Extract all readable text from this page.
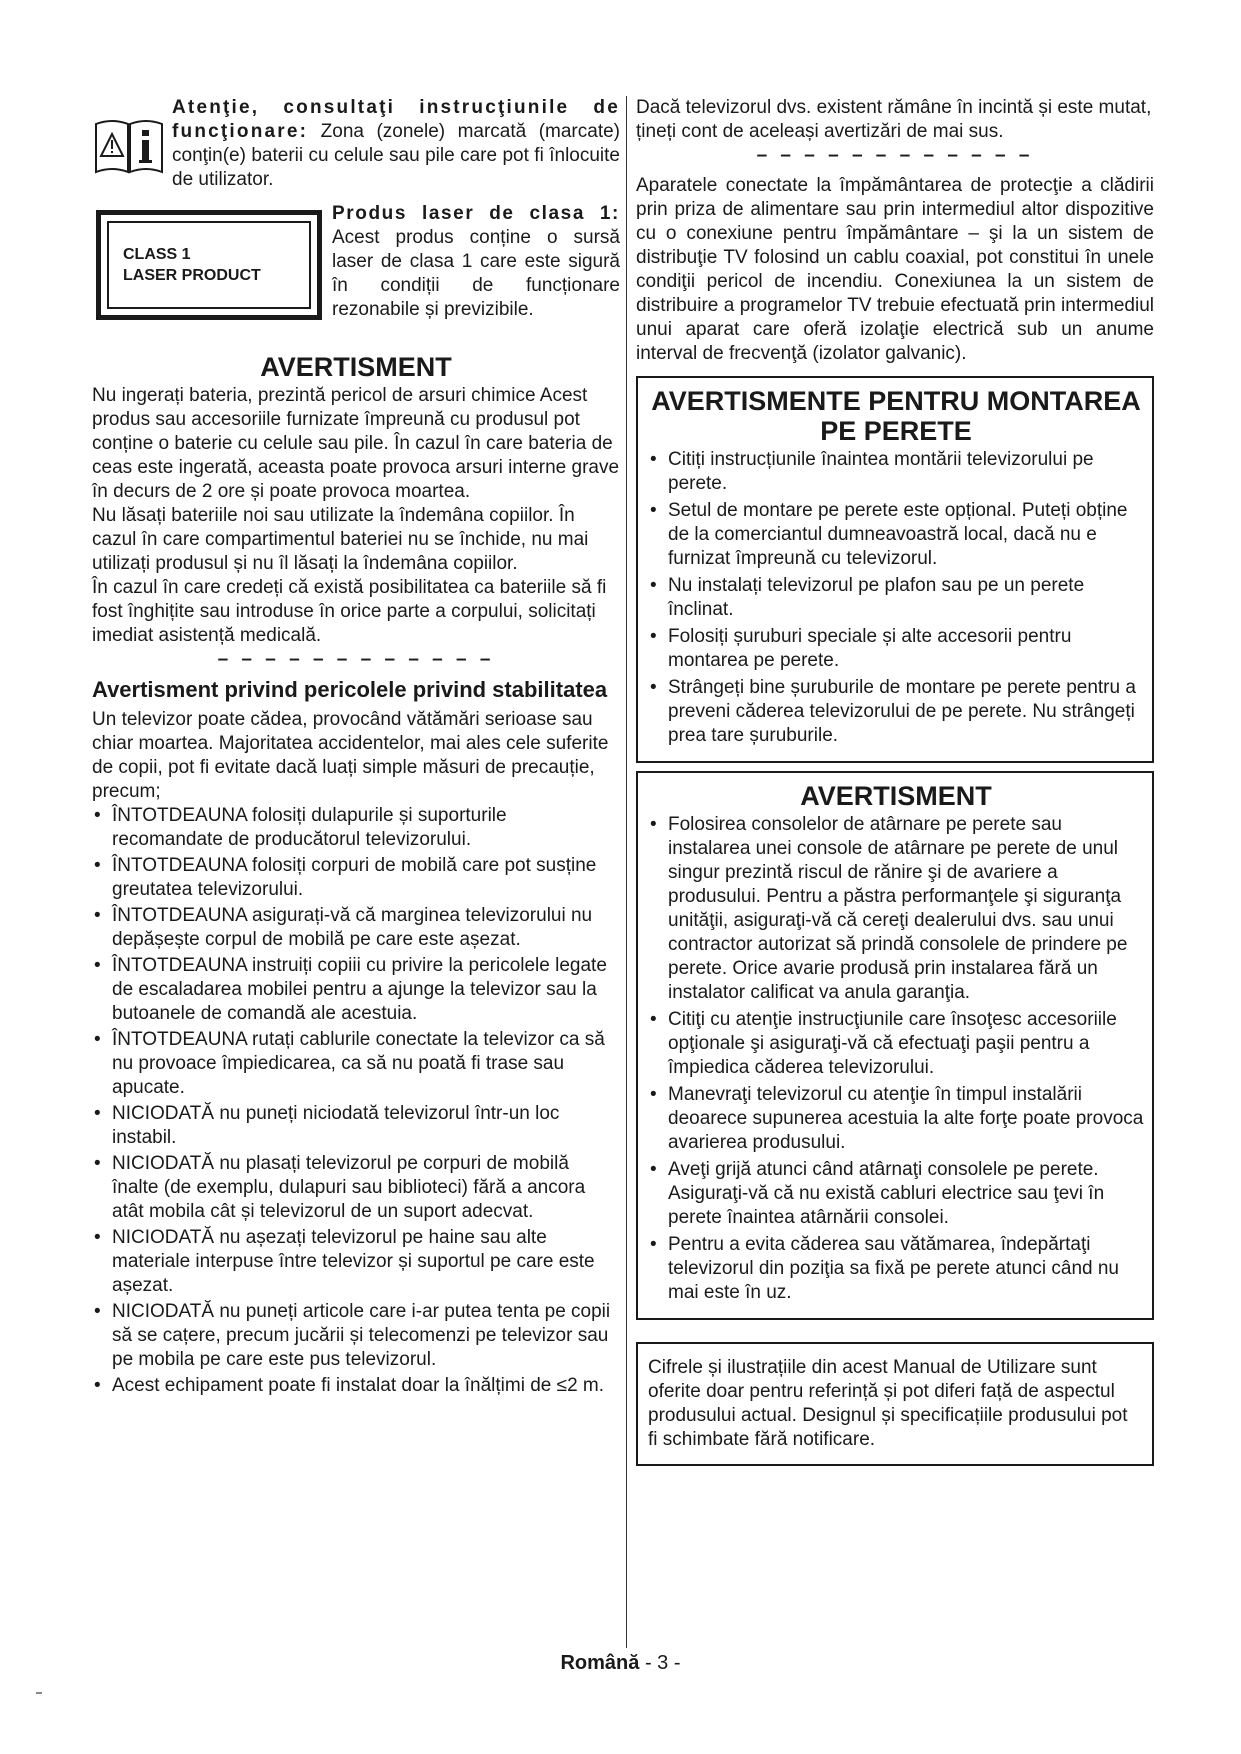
Atenţie, consultaţi instrucţiunile de funcţionare: Zona (zonele) marcată (marcate) conţin(e) baterii cu celule sau pile care pot fi înlocuite de utilizator.

CLASS 1
LASER PRODUCT

Produs laser de clasa 1: Acest produs conține o sursă laser de clasa 1 care este sigură în condiții de funcționare rezonabile și previzibile.

AVERTISMENT

Nu ingerați bateria, prezintă pericol de arsuri chimice Acest produs sau accesoriile furnizate împreună cu produsul pot conține o baterie cu celule sau pile. În cazul în care bateria de ceas este ingerată, aceasta poate provoca arsuri interne grave în decurs de 2 ore și poate provoca moartea.

Nu lăsați bateriile noi sau utilizate la îndemâna copiilor. În cazul în care compartimentul bateriei nu se închide, nu mai utilizați produsul și nu îl lăsați la îndemâna copiilor.

În cazul în care credeți că există posibilitatea ca bateriile să fi fost înghițite sau introduse în orice parte a corpului, solicitați imediat asistență medicală.

– – – – – – – – – – – –
Avertisment privind pericolele privind stabilitatea

Un televizor poate cădea, provocând vătămări serioase sau chiar moartea. Majoritatea accidentelor, mai ales cele suferite de copii, pot fi evitate dacă luați simple măsuri de precauție, precum;

• ÎNTOTDEAUNA folosiți dulapurile și suporturile recomandate de producătorul televizorului.
• ÎNTOTDEAUNA folosiți corpuri de mobilă care pot susține greutatea televizorului.
• ÎNTOTDEAUNA asigurați-vă că marginea televizorului nu depășește corpul de mobilă pe care este așezat.
• ÎNTOTDEAUNA instruiți copiii cu privire la pericolele legate de escaladarea mobilei pentru a ajunge la televizor sau la butoanele de comandă ale acestuia.
• ÎNTOTDEAUNA rutați cablurile conectate la televizor ca să nu provoace împiedicarea, ca să nu poată fi trase sau apucate.
• NICIODATĂ nu puneți niciodată televizorul într-un loc instabil.
• NICIODATĂ nu plasați televizorul pe corpuri de mobilă înalte (de exemplu, dulapuri sau biblioteci) fără a ancora atât mobila cât și televizorul de un suport adecvat.
• NICIODATĂ nu așezați televizorul pe haine sau alte materiale interpuse între televizor și suportul pe care este așezat.
• NICIODATĂ nu puneți articole care i-ar putea tenta pe copii să se cațere, precum jucării și telecomenzi pe televizor sau pe mobila pe care este pus televizorul.
• Acest echipament poate fi instalat doar la înălțimi de ≤2 m.

Dacă televizorul dvs. existent rămâne în incintă și este mutat, țineți cont de aceleași avertizări de mai sus.

– – – – – – – – – – – –

Aparatele conectate la împământarea de protecţie a clădirii prin priza de alimentare sau prin intermediul altor dispozitive cu o conexiune pentru împământare – şi la un sistem de distribuţie TV folosind un cablu coaxial, pot constitui în unele condiţii pericol de incendiu. Conexiunea la un sistem de distribuire a programelor TV trebuie efectuată prin intermediul unui aparat care oferă izolaţie electrică sub un anume interval de frecvenţă (izolator galvanic).

AVERTISMENTE PENTRU MONTAREA PE PERETE
• Citiți instrucțiunile înaintea montării televizorului pe perete.
• Setul de montare pe perete este opțional. Puteți obține de la comerciantul dumneavoastră local, dacă nu e furnizat împreună cu televizorul.
• Nu instalați televizorul pe plafon sau pe un perete înclinat.
• Folosiți șuruburi speciale și alte accesorii pentru montarea pe perete.
• Strângeți bine șuruburile de montare pe perete pentru a preveni căderea televizorului de pe perete. Nu strângeți prea tare șuruburile.
AVERTISMENT
• Folosirea consolelor de atârnare pe perete sau instalarea unei console de atârnare pe perete de unul singur prezintă riscul de rănire şi de avariere a produsului. Pentru a păstra performanţele şi siguranţa unităţii, asiguraţi-vă că cereţi dealerului dvs. sau unui contractor autorizat să prindă consolele de prindere pe perete. Orice avarie produsă prin instalarea fără un instalator calificat va anula garanţia.
• Citiţi cu atenţie instrucţiunile care însoţesc accesoriile opţionale şi asiguraţi-vă că efectuaţi paşii pentru a împiedica căderea televizorului.
• Manevraţi televizorul cu atenţie în timpul instalării deoarece supunerea acestuia la alte forţe poate provoca avarierea produsului.
• Aveţi grijă atunci când atârnaţi consolele pe perete. Asiguraţi-vă că nu există cabluri electrice sau ţevi în perete înaintea atârnării consolei.
• Pentru a evita căderea sau vătămarea, îndepărtaţi televizorul din poziţia sa fixă pe perete atunci când nu mai este în uz.

Cifrele și ilustrațiile din acest Manual de Utilizare sunt oferite doar pentru referință și pot diferi față de aspectul produsului actual. Designul și specificațiile produsului pot fi schimbate fără notificare.

Română - 3 -
